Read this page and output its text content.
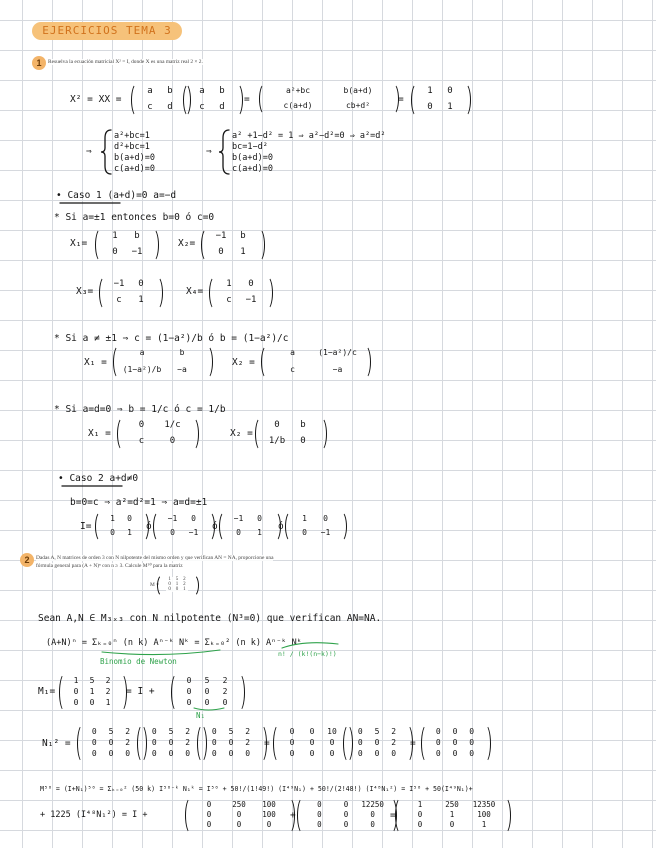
EJERCICIOS TEMA 3
1	Resuelva la ecuación matricial X² = I, donde X es una matriz real 2 × 2.
X² = XX =
a	b
c	d
a	b
c	d
=
a²+bc	b(a+d)
c(a+d)	cb+d²
=
1	0
0	1
⇒
a²+bc=1
d²+bc=1
b(a+d)=0
c(a+d)=0
⇒
a² +1−d² = 1 ⇒ a²−d²=0 ⇒ a²=d²
bc=1−d²
b(a+d)=0
c(a+d)=0
• Caso 1 (a+d)=0 a=−d
* Si a=±1 entonces b=0 ó c=0
X₁=
1	b
0	−1
X₂=
−1	b
0	1
X₃=
−1	0
c	1
X₄=
1	0
c	−1
* Si a ≠ ±1 ⇒ c = (1−a²)/b ó b = (1−a²)/c
X₁ =
a	b
(1−a²)/b	−a
X₂ =
a	(1−a²)/c
c	−a
* Si a=d=0 ⇒ b = 1/c ó c = 1/b
X₁ =
0	1/c
c	0
X₂ =
0	b
1/b	0
• Caso 2 a+d≠0
b=0=c ⇒ a²=d²=1 ⇒ a=d=±1
I=
1	0
0	1
ó
−1	0
0	−1
ó
−1	0
0	1
ó
1	0
0	−1
2	Dadas A, N matrices de orden 3 con N nilpotente del mismo orden y que verifican AN = NA, proporcione una
fórmula general para (A + N)ⁿ con n ≥ 3. Calcule M⁵⁰ para la matriz
M =
1 5 2
0 1 2
0 0 1
Sean A,N ∈ M₃ₓ₃ con N nilpotente (N³=0) que verifican AN=NA.
(A+N)ⁿ = Σₖ₌₀ⁿ (n k) Aⁿ⁻ᵏ Nᵏ = Σₖ₌₀² (n k) Aⁿ⁻ᵏ Nᵏ
Binomio de Newton
n! / (k!(n−k)!)
M₁=
1	5	2
0	1	2
0	0	1
= I +
0	5	2
0	0	2
0	0	0
N₁
N₁² =
0	5	2
0	0	2
0	0	0
0	5	2
0	0	2
0	0	0
0	5	2
0	0	2
0	0	0
=
0	0	10
0	0	0
0	0	0
0	5	2
0	0	2
0	0	0
=
0	0	0
0	0	0
0	0	0
M⁵⁰ = (I+N₁)⁵⁰ = Σₖ₌₀² (50 k) I⁵⁰⁻ᵏ N₁ᵏ = I⁵⁰ + 50!/(1!49!) (I⁴⁹N₁) + 50!/(2!48!) (I⁴⁸N₁²) = I⁵⁰ + 50(I⁴⁹N₁)+
+ 1225 (I⁴⁸N₁²) = I +
0	250	100
0	0	100
0	0	0
+
0	0	12250
0	0	0
0	0	0
=
1	250	12350
0	1	100
0	0	1
